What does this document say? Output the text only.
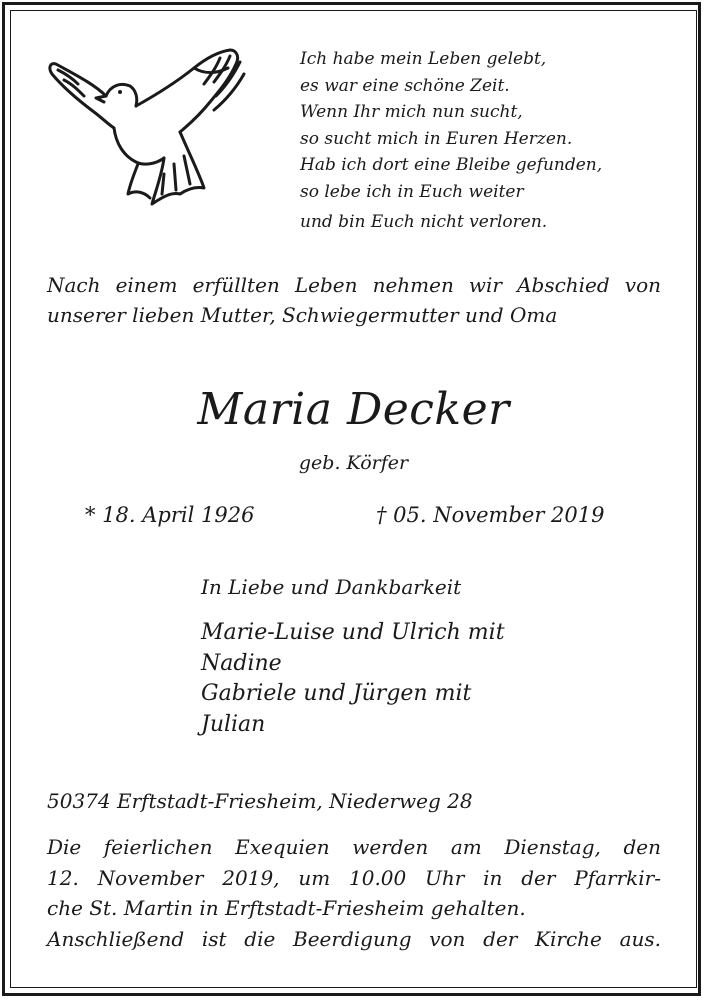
Ich habe mein Leben gelebt,
es war eine schöne Zeit.
Wenn Ihr mich nun sucht,
so sucht mich in Euren Herzen.
Hab ich dort eine Bleibe gefunden,
so lebe ich in Euch weiter
und bin Euch nicht verloren.
Nach einem erfüllten Leben nehmen wir Abschied von unserer lieben Mutter, Schwiegermutter und Oma
Maria Decker
geb. Körfer
* 18. April 1926	† 05. November 2019
In Liebe und Dankbarkeit
Marie-Luise und Ulrich mit
Nadine
Gabriele und Jürgen mit
Julian
50374 Erftstadt-Friesheim, Niederweg 28
Die feierlichen Exequien werden am Dienstag, den
12. November 2019, um 10.00 Uhr in der Pfarrkir-
che St. Martin in Erftstadt-Friesheim gehalten.
Anschließend ist die Beerdigung von der Kirche aus.
